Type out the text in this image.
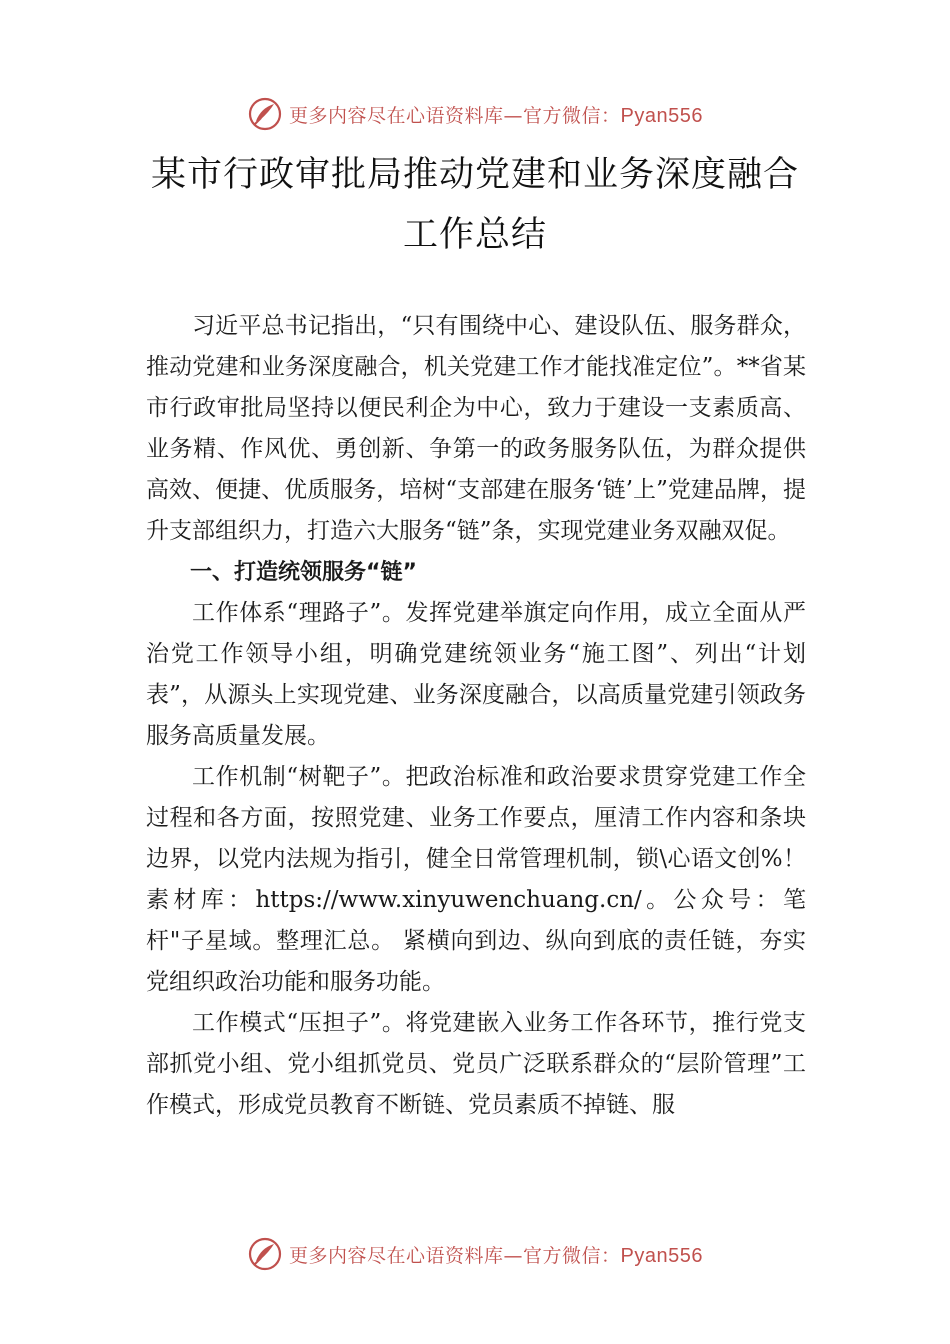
更多内容尽在心语资料库—官方微信：Pyan556
某市行政审批局推动党建和业务深度融合
工作总结

习近平总书记指出，“只有围绕中心、建设队伍、服务群众，推动党建和业务深度融合，机关党建工作才能找准定位”。**省某市行政审批局坚持以便民利企为中心，致力于建设一支素质高、业务精、作风优、勇创新、争第一的政务服务队伍，为群众提供高效、便捷、优质服务，培树“支部建在服务‘链’上”党建品牌，提升支部组织力，打造六大服务“链”条，实现党建业务双融双促。

一、打造统领服务“链”

工作体系“理路子”。发挥党建举旗定向作用，成立全面从严治党工作领导小组，明确党建统领业务“施工图”、列出“计划表”，从源头上实现党建、业务深度融合，以高质量党建引领政务服务高质量发展。

工作机制“树靶子”。把政治标准和政治要求贯穿党建工作全过程和各方面，按照党建、业务工作要点，厘清工作内容和条块边界，以党内法规为指引，健全日常管理机制，锁\心语文创%！素材库：https://www.xinyuwenchuang.cn/。公众号：笔杆"子星域。整理汇总。 紧横向到边、纵向到底的责任链，夯实党组织政治功能和服务功能。

工作模式“压担子”。将党建嵌入业务工作各环节，推行党支部抓党小组、党小组抓党员、党员广泛联系群众的“层阶管理”工作模式，形成党员教育不断链、党员素质不掉链、服

更多内容尽在心语资料库—官方微信：Pyan556
